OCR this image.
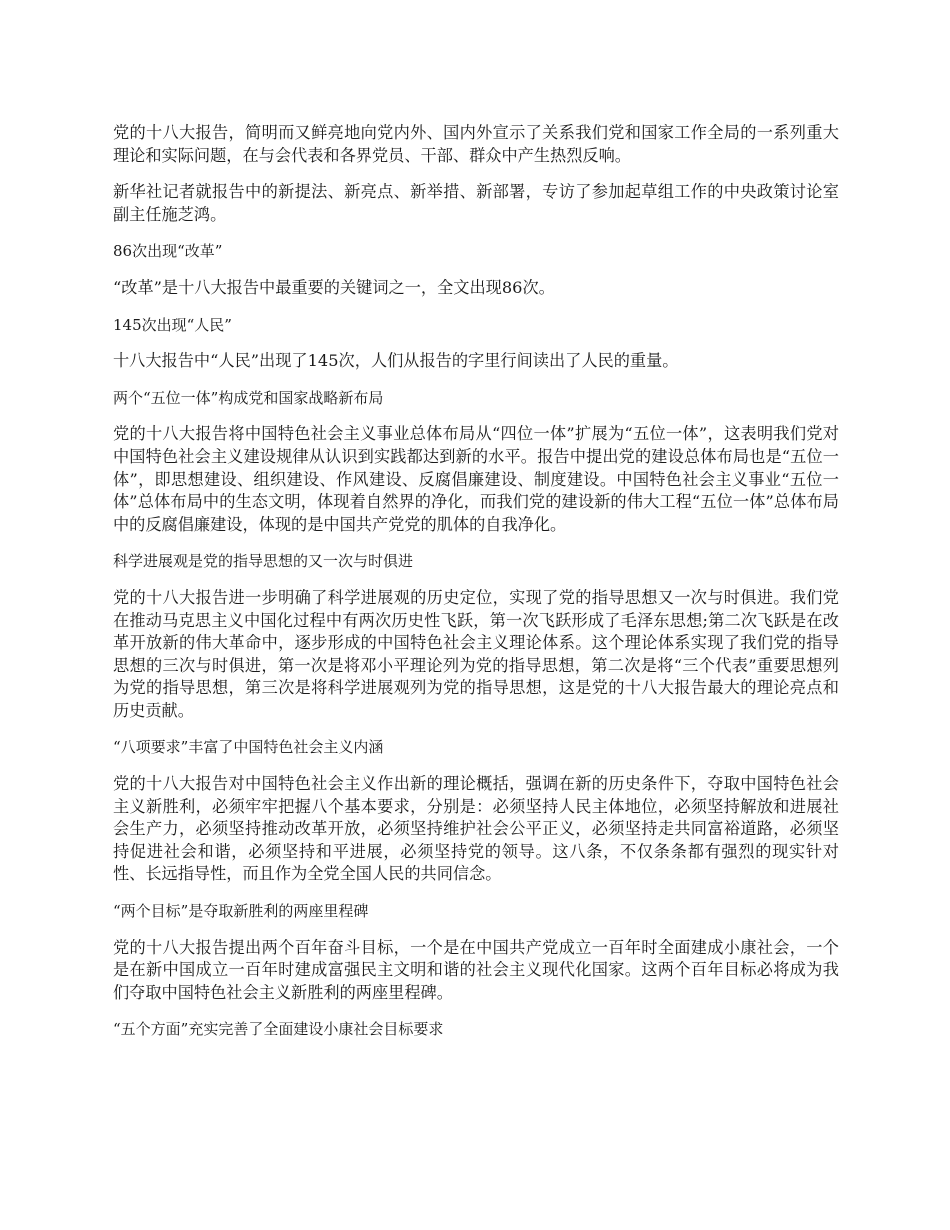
党的十八大报告，简明而又鲜亮地向党内外、国内外宣示了关系我们党和国家工作全局的一系列重大理论和实际问题，在与会代表和各界党员、干部、群众中产生热烈反响。

新华社记者就报告中的新提法、新亮点、新举措、新部署，专访了参加起草组工作的中央政策讨论室副主任施芝鸿。

86次出现“改革”

“改革”是十八大报告中最重要的关键词之一，全文出现86次。

145次出现“人民”

十八大报告中“人民”出现了145次，人们从报告的字里行间读出了人民的重量。

两个“五位一体”构成党和国家战略新布局

党的十八大报告将中国特色社会主义事业总体布局从“四位一体”扩展为“五位一体”，这表明我们党对中国特色社会主义建设规律从认识到实践都达到新的水平。报告中提出党的建设总体布局也是“五位一体”，即思想建设、组织建设、作风建设、反腐倡廉建设、制度建设。中国特色社会主义事业“五位一体”总体布局中的生态文明，体现着自然界的净化，而我们党的建设新的伟大工程“五位一体”总体布局中的反腐倡廉建设，体现的是中国共产党党的肌体的自我净化。

科学进展观是党的指导思想的又一次与时俱进

党的十八大报告进一步明确了科学进展观的历史定位，实现了党的指导思想又一次与时俱进。我们党在推动马克思主义中国化过程中有两次历史性飞跃，第一次飞跃形成了毛泽东思想;第二次飞跃是在改革开放新的伟大革命中，逐步形成的中国特色社会主义理论体系。这个理论体系实现了我们党的指导思想的三次与时俱进，第一次是将邓小平理论列为党的指导思想，第二次是将“三个代表”重要思想列为党的指导思想，第三次是将科学进展观列为党的指导思想，这是党的十八大报告最大的理论亮点和历史贡献。

“八项要求”丰富了中国特色社会主义内涵

党的十八大报告对中国特色社会主义作出新的理论概括，强调在新的历史条件下，夺取中国特色社会主义新胜利，必须牢牢把握八个基本要求，分别是：必须坚持人民主体地位，必须坚持解放和进展社会生产力，必须坚持推动改革开放，必须坚持维护社会公平正义，必须坚持走共同富裕道路，必须坚持促进社会和谐，必须坚持和平进展，必须坚持党的领导。这八条，不仅条条都有强烈的现实针对性、长远指导性，而且作为全党全国人民的共同信念。

“两个目标”是夺取新胜利的两座里程碑

党的十八大报告提出两个百年奋斗目标，一个是在中国共产党成立一百年时全面建成小康社会，一个是在新中国成立一百年时建成富强民主文明和谐的社会主义现代化国家。这两个百年目标必将成为我们夺取中国特色社会主义新胜利的两座里程碑。

“五个方面”充实完善了全面建设小康社会目标要求
